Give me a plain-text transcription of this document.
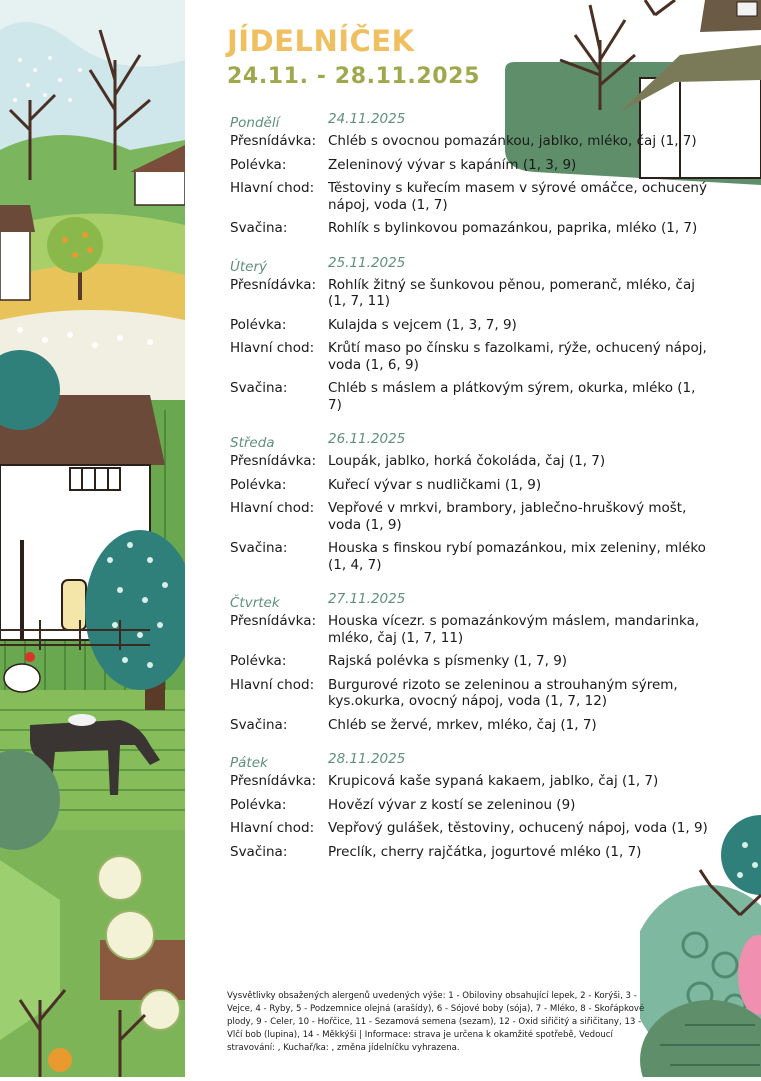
JÍDELNÍČEK
24.11. - 28.11.2025
Pondělí	24.11.2025
Přesnídávka: Chléb s ovocnou pomazánkou, jablko, mléko, čaj (1, 7)
Polévka:	Zeleninový vývar s kapáním (1, 3, 9)
Hlavní chod:	Těstoviny s kuřecím masem v sýrové omáčce, ochucený nápoj, voda (1, 7)
Svačina:	Rohlík s bylinkovou pomazánkou, paprika, mléko (1, 7)
Úterý	25.11.2025
Přesnídávka: Rohlík žitný se šunkovou pěnou, pomeranč, mléko, čaj (1, 7, 11)
Polévka:	Kulajda s vejcem (1, 3, 7, 9)
Hlavní chod:	Krůtí maso po čínsku s fazolkami, rýže, ochucený nápoj, voda (1, 6, 9)
Svačina:	Chléb s máslem a plátkovým sýrem, okurka, mléko (1, 7)
Středa	26.11.2025
Přesnídávka: Loupák, jablko, horká čokoláda, čaj (1, 7)
Polévka:	Kuřecí vývar s nudličkami (1, 9)
Hlavní chod:	Vepřové v mrkvi, brambory, jablečno-hruškový mošt, voda (1, 9)
Svačina:	Houska s finskou rybí pomazánkou, mix zeleniny, mléko (1, 4, 7)
Čtvrtek	27.11.2025
Přesnídávka: Houska vícezr. s pomazánkovým máslem, mandarinka, mléko, čaj (1, 7, 11)
Polévka:	Rajská polévka s písmenky (1, 7, 9)
Hlavní chod:	Burgurové rizoto se zeleninou a strouhaným sýrem, kys.okurka, ovocný nápoj, voda (1, 7, 12)
Svačina:	Chléb se žervé, mrkev, mléko, čaj (1, 7)
Pátek	28.11.2025
Přesnídávka: Krupicová kaše sypaná kakaem, jablko, čaj (1, 7)
Polévka:	Hovězí vývar z kostí se zeleninou (9)
Hlavní chod:	Vepřový gulášek, těstoviny, ochucený nápoj, voda (1, 9)
Svačina:	Preclík, cherry rajčátka, jogurtové mléko (1, 7)

Vysvětlivky obsažených alergenů uvedených výše: 1 - Obiloviny obsahující lepek, 2 - Korýši, 3 - Vejce, 4 - Ryby, 5 - Podzemnice olejná (arašídy), 6 - Sójové boby (sója), 7 - Mléko, 8 - Skořápkové plody, 9 - Celer, 10 - Hořčice, 11 - Sezamová semena (sezam), 12 - Oxid siřičitý a siřičitany, 13 - Vlčí bob (lupina), 14 - Měkkýši | Informace: strava je určena k okamžité spotřebě, Vedoucí stravování: , Kuchař/ka: , změna jídelníčku vyhrazena.
